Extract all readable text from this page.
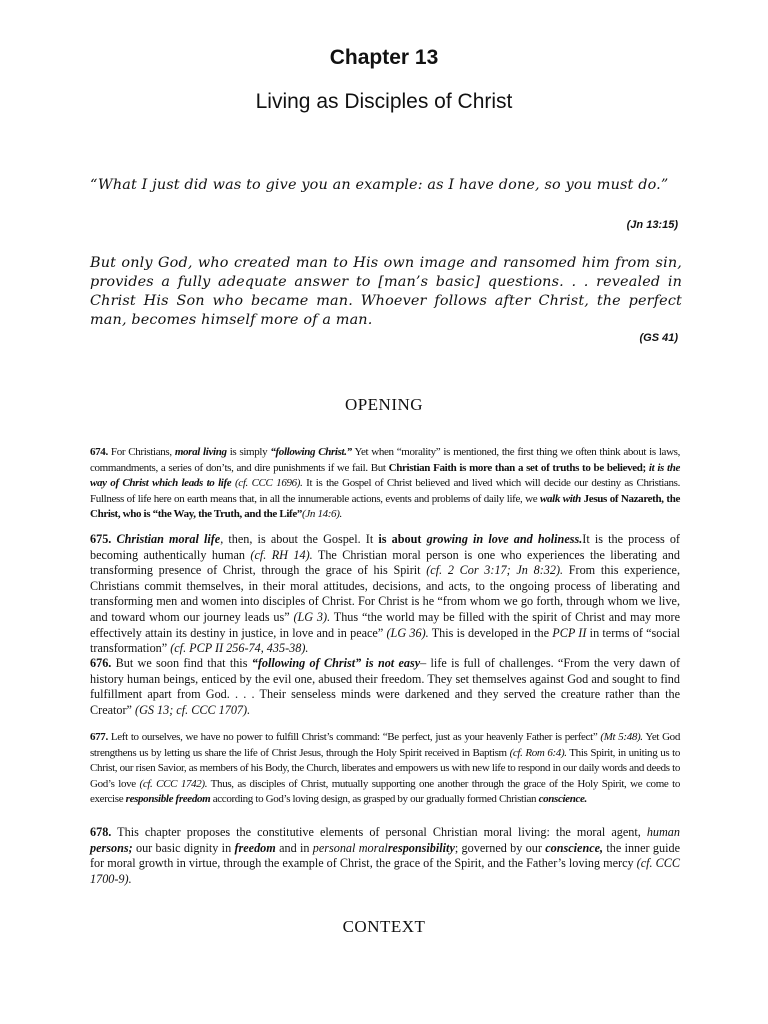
Chapter 13
Living as Disciples of Christ
“What I just did was to give you an example: as I have done, so you must do.”
(Jn 13:15)
But only God, who created man to His own image and ransomed him from sin, provides a fully adequate answer to [man’s basic] questions. . . revealed in Christ His Son who became man. Whoever follows after Christ, the perfect man, becomes himself more of a man.
(GS 41)
OPENING
674. For Christians, moral living is simply “following Christ.” Yet when “morality” is mentioned, the first thing we often think about is laws, commandments, a series of don’ts, and dire punishments if we fail. But Christian Faith is more than a set of truths to be believed; it is the way of Christ which leads to life (cf. CCC 1696). It is the Gospel of Christ believed and lived which will decide our destiny as Christians. Fullness of life here on earth means that, in all the innumerable actions, events and problems of daily life, we walk with Jesus of Nazareth, the Christ, who is “the Way, the Truth, and the Life”(Jn 14:6).
675. Christian moral life, then, is about the Gospel. It is about growing in love and holiness.It is the process of becoming authentically human (cf. RH 14). The Christian moral person is one who experiences the liberating and transforming presence of Christ, through the grace of his Spirit (cf. 2 Cor 3:17; Jn 8:32). From this experience, Christians commit themselves, in their moral attitudes, decisions, and acts, to the ongoing process of liberating and transforming men and women into disciples of Christ. For Christ is he “from whom we go forth, through whom we live, and toward whom our journey leads us” (LG 3). Thus “the world may be filled with the spirit of Christ and may more effectively attain its destiny in justice, in love and in peace” (LG 36). This is developed in the PCP II in terms of “social transformation” (cf. PCP II 256-74, 435-38).
676. But we soon find that this “following of Christ” is not easy– life is full of challenges. “From the very dawn of history human beings, enticed by the evil one, abused their freedom. They set themselves against God and sought to find fulfillment apart from God. . . . Their senseless minds were darkened and they served the creature rather than the Creator” (GS 13; cf. CCC 1707).
677. Left to ourselves, we have no power to fulfill Christ’s command: “Be perfect, just as your heavenly Father is perfect” (Mt 5:48). Yet God strengthens us by letting us share the life of Christ Jesus, through the Holy Spirit received in Baptism (cf. Rom 6:4). This Spirit, in uniting us to Christ, our risen Savior, as members of his Body, the Church, liberates and empowers us with new life to respond in our daily words and deeds to God’s love (cf. CCC 1742). Thus, as disciples of Christ, mutually supporting one another through the grace of the Holy Spirit, we come to exercise responsible freedom according to God’s loving design, as grasped by our gradually formed Christian conscience.
678. This chapter proposes the constitutive elements of personal Christian moral living: the moral agent, human persons; our basic dignity in freedom and in personal moralresponsibility; governed by our conscience, the inner guide for moral growth in virtue, through the example of Christ, the grace of the Spirit, and the Father’s loving mercy (cf. CCC 1700-9).
CONTEXT
